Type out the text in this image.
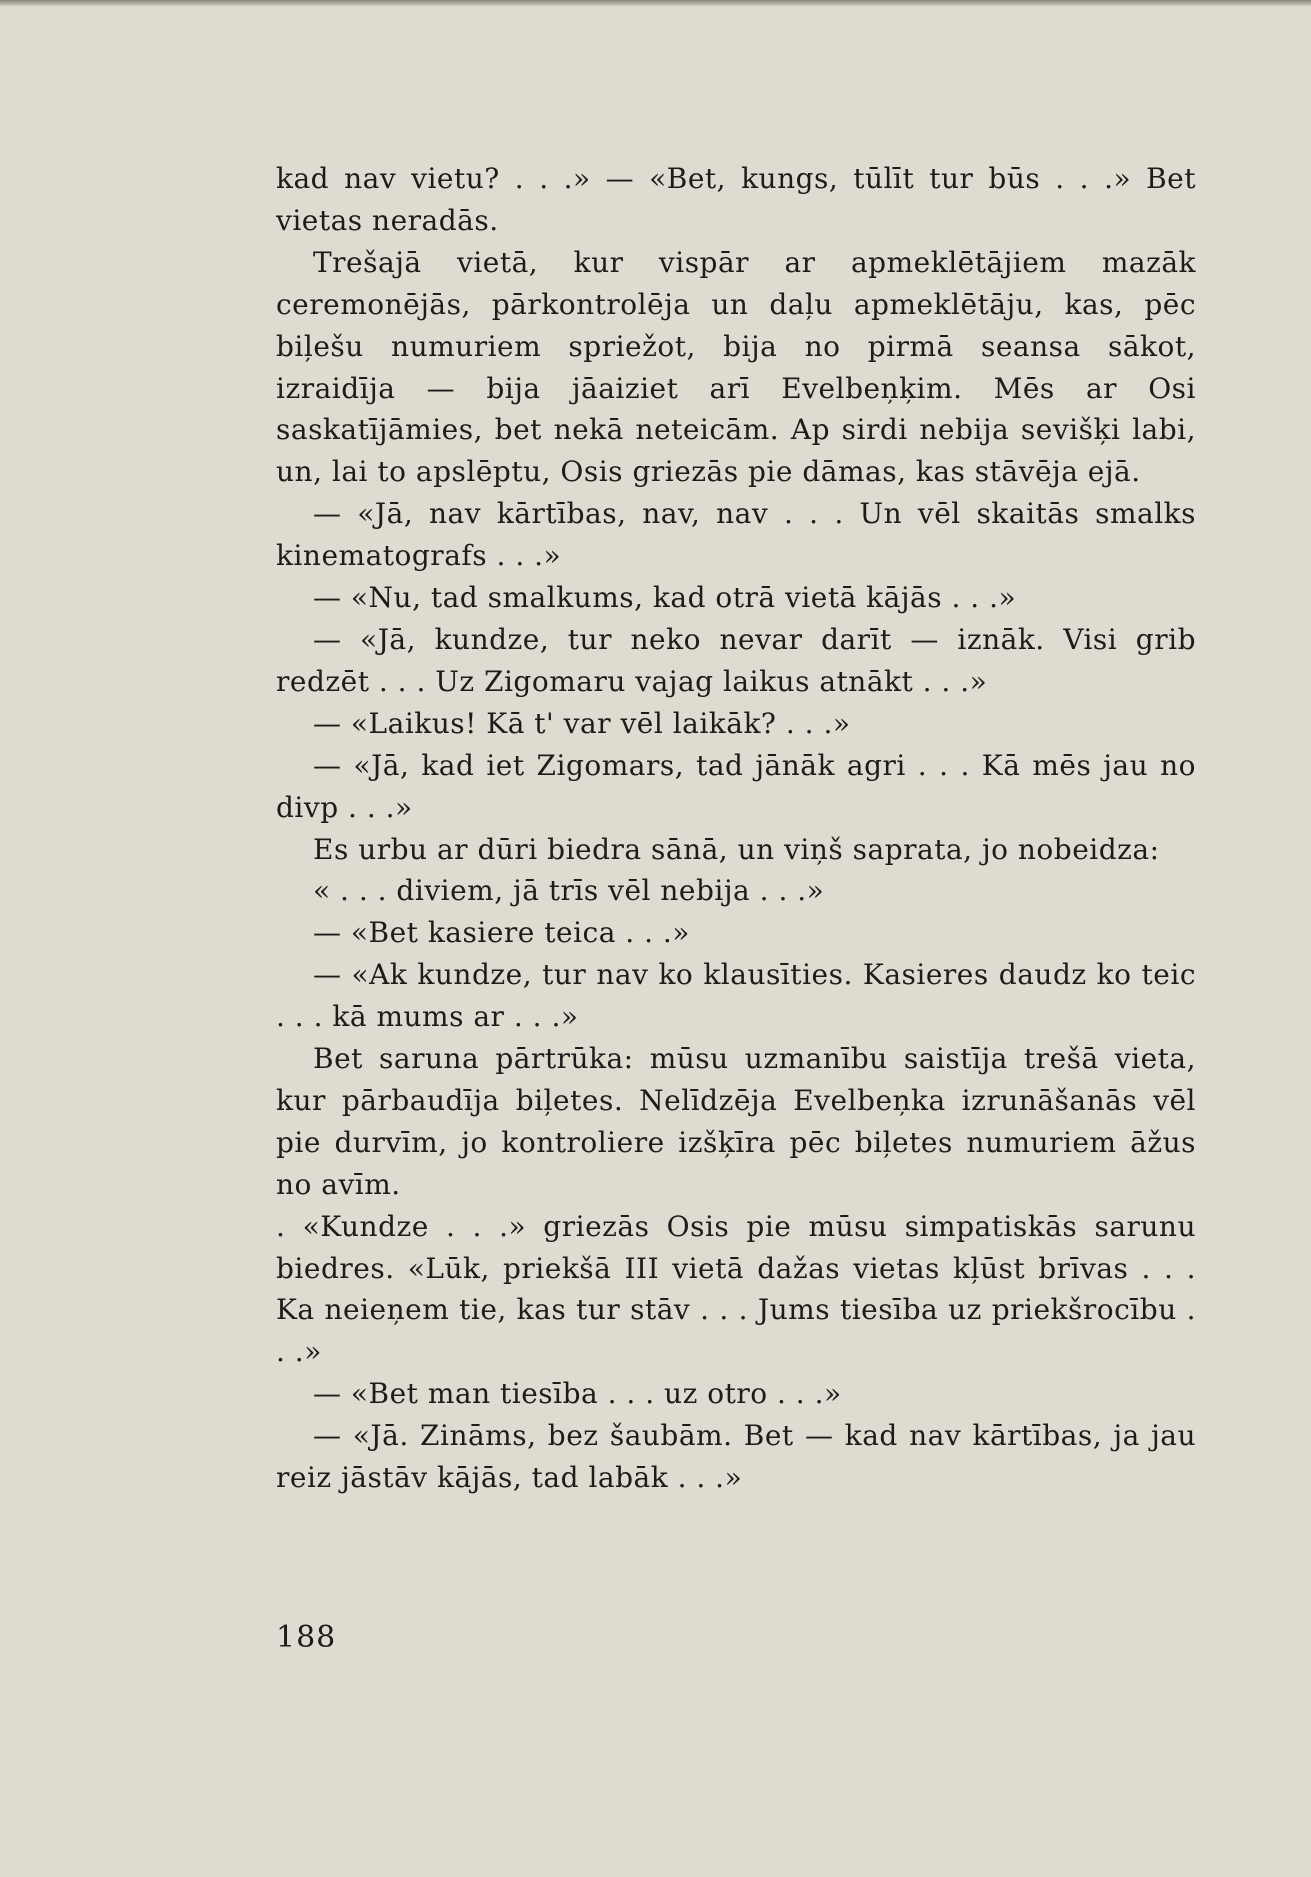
kad nav vietu? . . .» — «Bet, kungs, tūlīt tur būs . . .» Bet vietas neradās.

Trešajā vietā, kur vispār ar apmeklētājiem mazāk ceremonējās, pārkontrolēja un daļu apmeklētāju, kas, pēc biļešu numuriem spriežot, bija no pirmā seansa sākot, izraidīja — bija jāaiziet arī Evelbeņķim. Mēs ar Osi saskatījāmies, bet nekā neteicām. Ap sirdi nebija sevišķi labi, un, lai to apslēptu, Osis griezās pie dāmas, kas stāvēja ejā.

— «Jā, nav kārtības, nav, nav . . . Un vēl skaitās smalks kinematografs . . .»

— «Nu, tad smalkums, kad otrā vietā kājās . . .»

— «Jā, kundze, tur neko nevar darīt — iznāk. Visi grib redzēt . . . Uz Zigomaru vajag laikus atnākt . . .»

— «Laikus! Kā t' var vēl laikāk? . . .»

— «Jā, kad iet Zigomars, tad jānāk agri . . . Kā mēs jau no divp . . .»

Es urbu ar dūri biedra sānā, un viņš saprata, jo nobeidza:

« . . . diviem, jā trīs vēl nebija . . .»

— «Bet kasiere teica . . .»

— «Ak kundze, tur nav ko klausīties. Kasieres daudz ko teic . . . kā mums ar . . .»

Bet saruna pārtrūka: mūsu uzmanību saistīja trešā vieta, kur pārbaudīja biļetes. Nelīdzēja Evelbeņka izrunāšanās vēl pie durvīm, jo kontroliere izšķīra pēc biļetes numuriem āžus no avīm.

. «Kundze . . .» griezās Osis pie mūsu simpatiskās sarunu biedres. «Lūk, priekšā III vietā dažas vietas kļūst brīvas . . . Ka neieņem tie, kas tur stāv . . . Jums tiesība uz priekšrocību . . .»

— «Bet man tiesība . . . uz otro . . .»

— «Jā. Zināms, bez šaubām. Bet — kad nav kārtības, ja jau reiz jāstāv kājās, tad labāk . . .»

188
